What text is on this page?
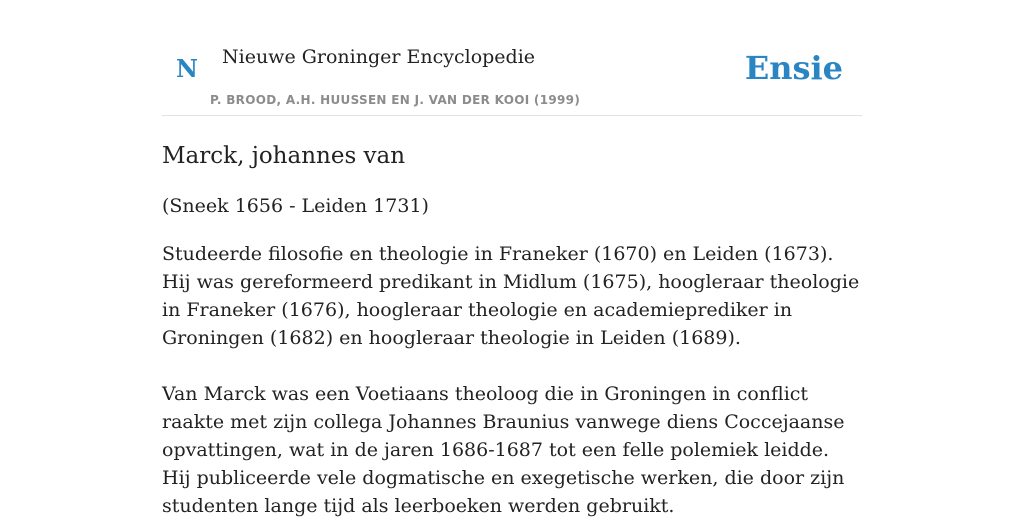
N Nieuwe Groninger Encyclopedie
P. BROOD, A.H. HUUSSEN EN J. VAN DER KOOI (1999)
Ensie
Marck, johannes van

(Sneek 1656 - Leiden 1731)

Studeerde filosofie en theologie in Franeker (1670) en Leiden (1673). Hij was gereformeerd predikant in Midlum (1675), hoogleraar theologie in Franeker (1676), hoogleraar theologie en academieprediker in Groningen (1682) en hoogleraar theologie in Leiden (1689).

Van Marck was een Voetiaans theoloog die in Groningen in conflict raakte met zijn collega Johannes Braunius vanwege diens Coccejaanse opvattingen, wat in de jaren 1686-1687 tot een felle polemiek leidde. Hij publiceerde vele dogmatische en exegetische werken, die door zijn studenten lange tijd als leerboeken werden gebruikt.
